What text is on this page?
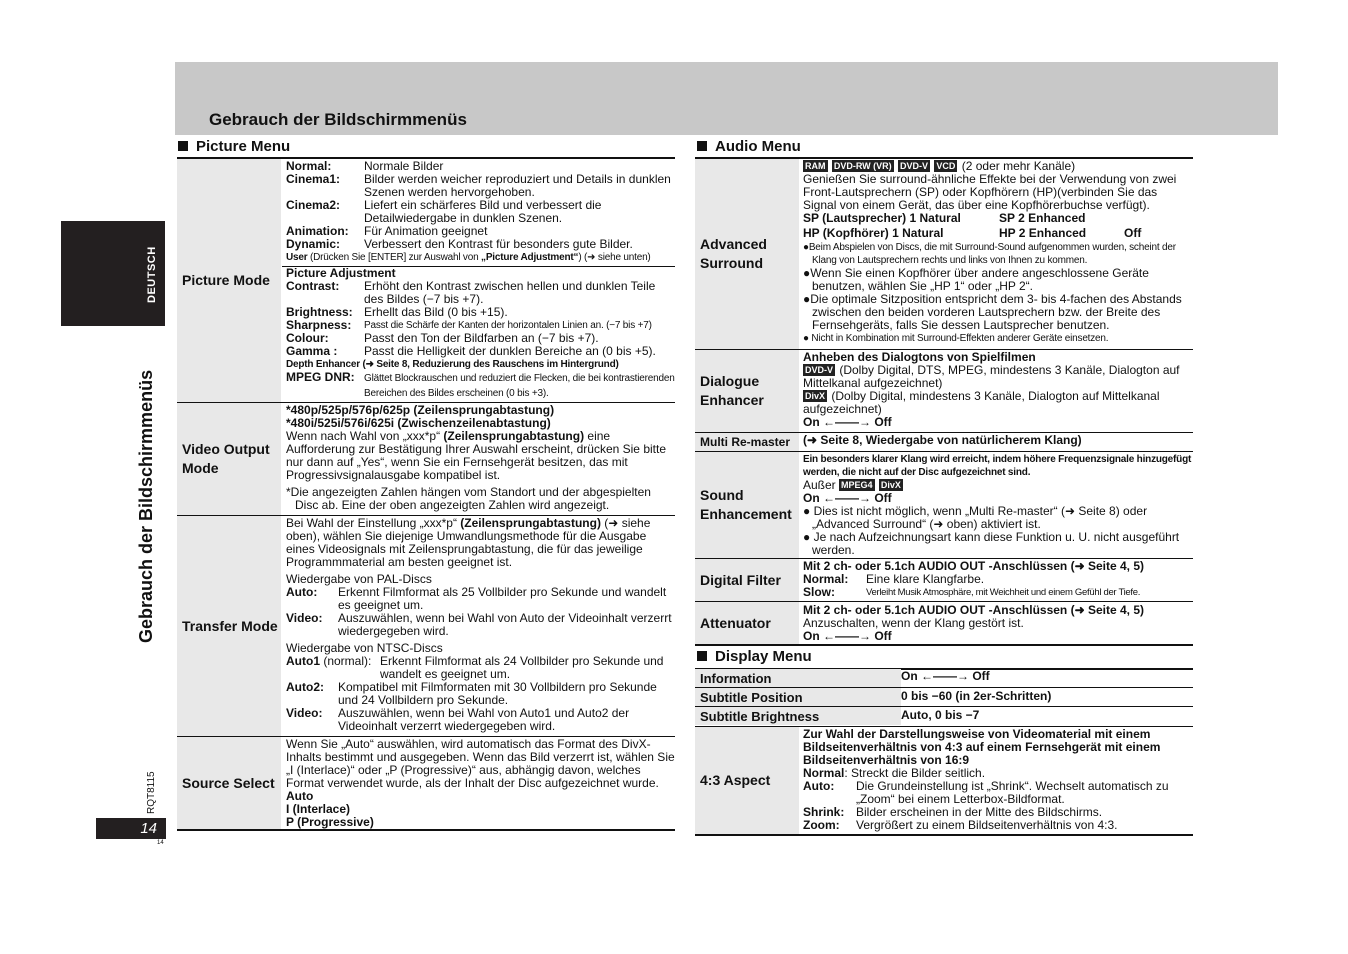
Gebrauch der Bildschirmmenüs
DEUTSCH
Gebrauch der Bildschirmmenüs
RQT8115
14
14
Picture Menu
Picture Mode
Normal:	Normale Bilder
Cinema1:	Bilder werden weicher reproduziert und Details in dunklen Szenen werden hervorgehoben.
Cinema2:	Liefert ein schärferes Bild und verbessert die Detailwiedergabe in dunklen Szenen.
Animation:	Für Animation geeignet
Dynamic:	Verbessert den Kontrast für besonders gute Bilder.
User (Drücken Sie [ENTER] zur Auswahl von „Picture Adjustment“) (➜ siehe unten)
Picture Adjustment
Contrast:	Erhöht den Kontrast zwischen hellen und dunklen Teile des Bildes (−7 bis +7).
Brightness: Erhellt das Bild (0 bis +15).
Sharpness:	Passt die Schärfe der Kanten der horizontalen Linien an. (−7 bis +7)
Colour:	Passt den Ton der Bildfarben an (−7 bis +7).
Gamma :	Passt die Helligkeit der dunklen Bereiche an (0 bis +5).
Depth Enhancer (➜ Seite 8, Reduzierung des Rauschens im Hintergrund)
MPEG DNR: Glättet Blockrauschen und reduziert die Flecken, die bei kontrastierenden Bereichen des Bildes erscheinen (0 bis +3).
Video Output Mode
*480p/525p/576p/625p (Zeilensprungabtastung)
*480i/525i/576i/625i (Zwischenzeilenabtastung)
Wenn nach Wahl von „xxx*p“ (Zeilensprungabtastung) eine Aufforderung zur Bestätigung Ihrer Auswahl erscheint, drücken Sie bitte nur dann auf „Yes“, wenn Sie ein Fernsehgerät besitzen, das mit Progressivsignalausgabe kompatibel ist.
*Die angezeigten Zahlen hängen vom Standort und der abgespielten Disc ab. Eine der oben angezeigten Zahlen wird angezeigt.
Transfer Mode
Bei Wahl der Einstellung „xxx*p“ (Zeilensprungabtastung) (➜ siehe oben), wählen Sie diejenige Umwandlungsmethode für die Ausgabe eines Videosignals mit Zeilensprungabtastung, die für das jeweilige Programmmaterial am besten geeignet ist.
Wiedergabe von PAL-Discs
Auto:	Erkennt Filmformat als 25 Vollbilder pro Sekunde und wandelt es geeignet um.
Video:	Auszuwählen, wenn bei Wahl von Auto der Videoinhalt verzerrt wiedergegeben wird.
Wiedergabe von NTSC-Discs
Auto1 (normal): Erkennt Filmformat als 24 Vollbilder pro Sekunde und wandelt es geeignet um.
Auto2:	Kompatibel mit Filmformaten mit 30 Vollbildern pro Sekunde und 24 Vollbildern pro Sekunde.
Video:	Auszuwählen, wenn bei Wahl von Auto1 und Auto2 der Videoinhalt verzerrt wiedergegeben wird.
Source Select
Wenn Sie „Auto“ auswählen, wird automatisch das Format des DivX-Inhalts bestimmt und ausgegeben. Wenn das Bild verzerrt ist, wählen Sie „I (Interlace)“ oder „P (Progressive)“ aus, abhängig davon, welches Format verwendet wurde, als der Inhalt der Disc aufgezeichnet wurde.
Auto
I (Interlace)
P (Progressive)
Audio Menu
Advanced Surround
RAM DVD-RW (VR) DVD-V VCD (2 oder mehr Kanäle)
Genießen Sie surround-ähnliche Effekte bei der Verwendung von zwei Front-Lautsprechern (SP) oder Kopfhörern (HP)(verbinden Sie das Signal von einem Gerät, das über eine Kopfhörerbuchse verfügt).
SP (Lautsprecher) 1 Natural	SP 2 Enhanced
HP (Kopfhörer) 1 Natural	HP 2 Enhanced	Off
●Beim Abspielen von Discs, die mit Surround-Sound aufgenommen wurden, scheint der Klang von Lautsprechern rechts und links von Ihnen zu kommen.
●Wenn Sie einen Kopfhörer über andere angeschlossene Geräte benutzen, wählen Sie „HP 1“ oder „HP 2“.
●Die optimale Sitzposition entspricht dem 3- bis 4-fachen des Abstands zwischen den beiden vorderen Lautsprechern bzw. der Breite des Fernsehgeräts, falls Sie dessen Lautsprecher benutzen.
● Nicht in Kombination mit Surround-Effekten anderer Geräte einsetzen.
Dialogue Enhancer
Anheben des Dialogtons von Spielfilmen
DVD-V (Dolby Digital, DTS, MPEG, mindestens 3 Kanäle, Dialogton auf Mittelkanal aufgezeichnet)
DivX (Dolby Digital, mindestens 3 Kanäle, Dialogton auf Mittelkanal aufgezeichnet)
On ←——→ Off
Multi Re-master (➜ Seite 8, Wiedergabe von natürlicherem Klang)
Sound Enhancement
Ein besonders klarer Klang wird erreicht, indem höhere Frequenzsignale hinzugefügt werden, die nicht auf der Disc aufgezeichnet sind.
Außer MPEG4 DivX
On ←——→ Off
● Dies ist nicht möglich, wenn „Multi Re-master“ (➜ Seite 8) oder „Advanced Surround“ (➜ oben) aktiviert ist.
● Je nach Aufzeichnungsart kann diese Funktion u. U. nicht ausgeführt werden.
Digital Filter
Mit 2 ch- oder 5.1ch AUDIO OUT -Anschlüssen (➜ Seite 4, 5)
Normal:	Eine klare Klangfarbe.
Slow:	Verleiht Musik Atmosphäre, mit Weichheit und einem Gefühl der Tiefe.
Attenuator
Mit 2 ch- oder 5.1ch AUDIO OUT -Anschlüssen (➜ Seite 4, 5)
Anzuschalten, wenn der Klang gestört ist.
On ←——→ Off
Display Menu
Information	On ←——→ Off
Subtitle Position	0 bis −60 (in 2er-Schritten)
Subtitle Brightness	Auto, 0 bis −7
4:3 Aspect
Zur Wahl der Darstellungsweise von Videomaterial mit einem Bildseitenverhältnis von 4:3 auf einem Fernsehgerät mit einem Bildseitenverhältnis von 16:9
Normal: Streckt die Bilder seitlich.
Auto:	Die Grundeinstellung ist „Shrink“. Wechselt automatisch zu „Zoom“ bei einem Letterbox-Bildformat.
Shrink: Bilder erscheinen in der Mitte des Bildschirms.
Zoom:	Vergrößert zu einem Bildseitenverhältnis von 4:3.
